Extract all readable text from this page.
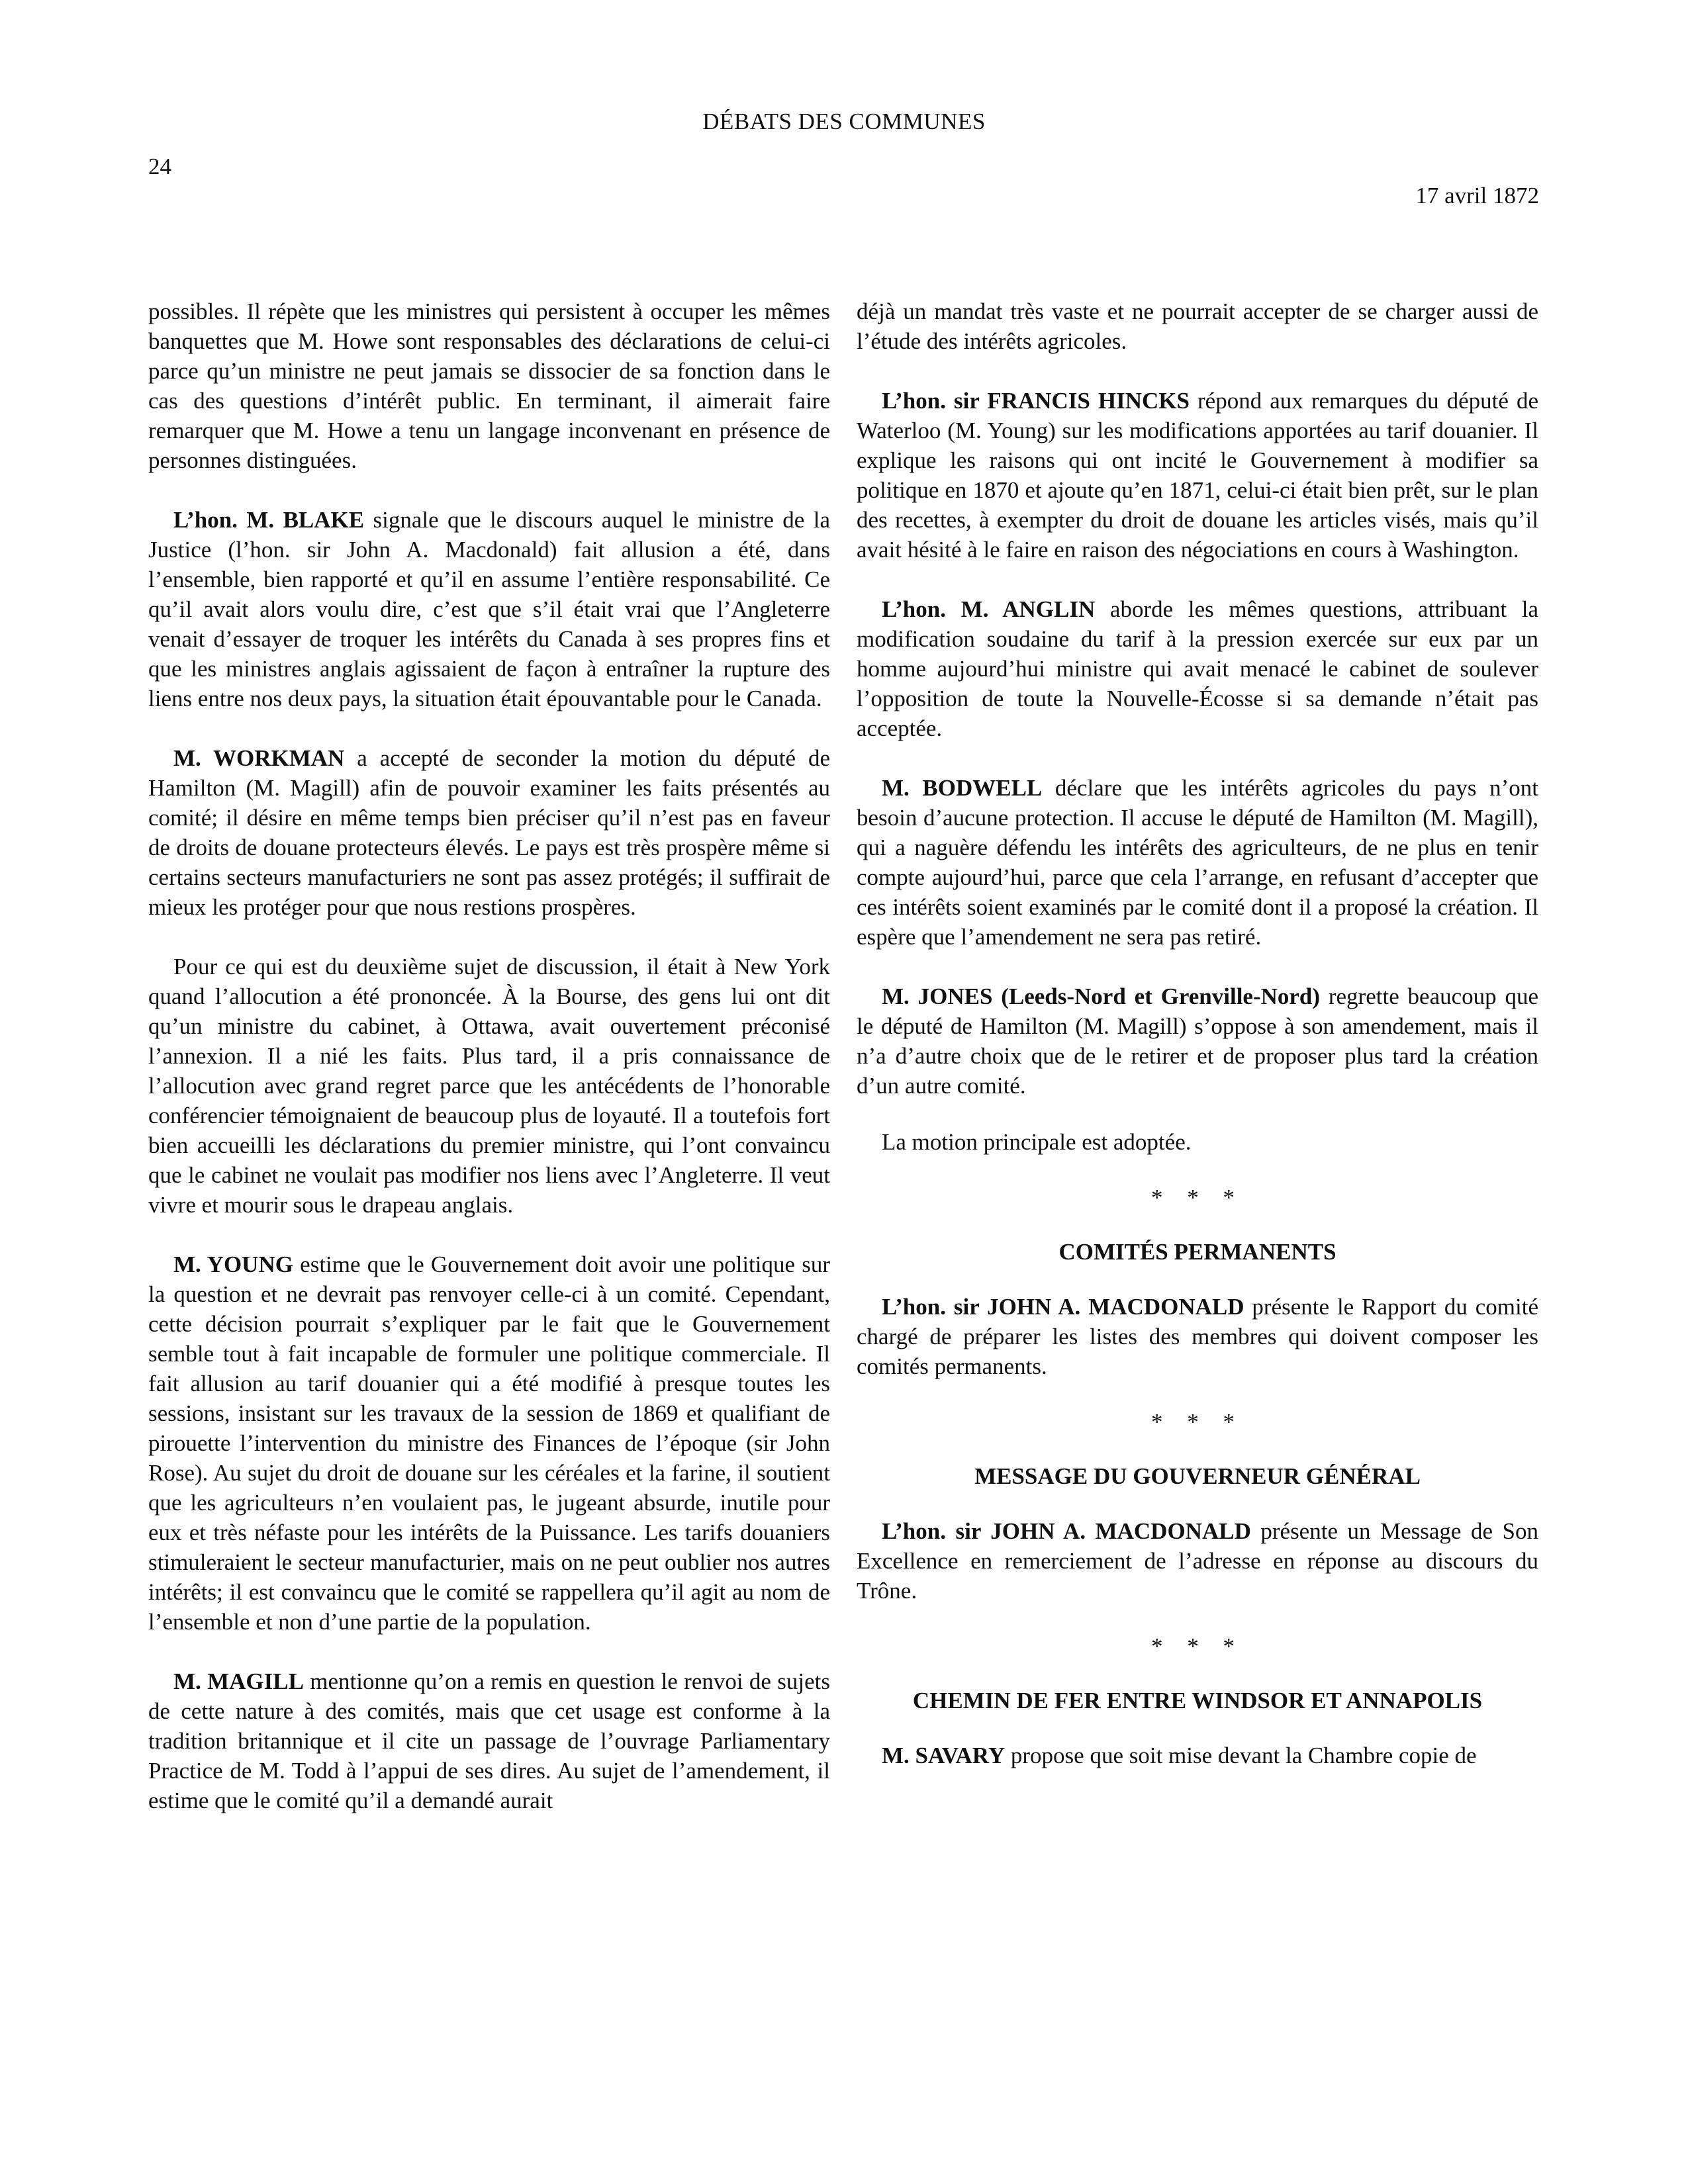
DÉBATS DES COMMUNES
24
17 avril 1872

possibles. Il répète que les ministres qui persistent à occuper les mêmes banquettes que M. Howe sont responsables des déclarations de celui-ci parce qu’un ministre ne peut jamais se dissocier de sa fonction dans le cas des questions d’intérêt public. En terminant, il aimerait faire remarquer que M. Howe a tenu un langage inconvenant en présence de personnes distinguées.

L’hon. M. BLAKE signale que le discours auquel le ministre de la Justice (l’hon. sir John A. Macdonald) fait allusion a été, dans l’ensemble, bien rapporté et qu’il en assume l’entière responsabilité. Ce qu’il avait alors voulu dire, c’est que s’il était vrai que l’Angleterre venait d’essayer de troquer les intérêts du Canada à ses propres fins et que les ministres anglais agissaient de façon à entraîner la rupture des liens entre nos deux pays, la situation était épouvantable pour le Canada.

M. WORKMAN a accepté de seconder la motion du député de Hamilton (M. Magill) afin de pouvoir examiner les faits présentés au comité; il désire en même temps bien préciser qu’il n’est pas en faveur de droits de douane protecteurs élevés. Le pays est très prospère même si certains secteurs manufacturiers ne sont pas assez protégés; il suffirait de mieux les protéger pour que nous restions prospères.

Pour ce qui est du deuxième sujet de discussion, il était à New York quand l’allocution a été prononcée. À la Bourse, des gens lui ont dit qu’un ministre du cabinet, à Ottawa, avait ouvertement préconisé l’annexion. Il a nié les faits. Plus tard, il a pris connaissance de l’allocution avec grand regret parce que les antécédents de l’honorable conférencier témoignaient de beaucoup plus de loyauté. Il a toutefois fort bien accueilli les déclarations du premier ministre, qui l’ont convaincu que le cabinet ne voulait pas modifier nos liens avec l’Angleterre. Il veut vivre et mourir sous le drapeau anglais.

M. YOUNG estime que le Gouvernement doit avoir une politique sur la question et ne devrait pas renvoyer celle-ci à un comité. Cependant, cette décision pourrait s’expliquer par le fait que le Gouvernement semble tout à fait incapable de formuler une politique commerciale. Il fait allusion au tarif douanier qui a été modifié à presque toutes les sessions, insistant sur les travaux de la session de 1869 et qualifiant de pirouette l’intervention du ministre des Finances de l’époque (sir John Rose). Au sujet du droit de douane sur les céréales et la farine, il soutient que les agriculteurs n’en voulaient pas, le jugeant absurde, inutile pour eux et très néfaste pour les intérêts de la Puissance. Les tarifs douaniers stimuleraient le secteur manufacturier, mais on ne peut oublier nos autres intérêts; il est convaincu que le comité se rappellera qu’il agit au nom de l’ensemble et non d’une partie de la population.

M. MAGILL mentionne qu’on a remis en question le renvoi de sujets de cette nature à des comités, mais que cet usage est conforme à la tradition britannique et il cite un passage de l’ouvrage Parliamentary Practice de M. Todd à l’appui de ses dires. Au sujet de l’amendement, il estime que le comité qu’il a demandé aurait

déjà un mandat très vaste et ne pourrait accepter de se charger aussi de l’étude des intérêts agricoles.

L’hon. sir FRANCIS HINCKS répond aux remarques du député de Waterloo (M. Young) sur les modifications apportées au tarif douanier. Il explique les raisons qui ont incité le Gouvernement à modifier sa politique en 1870 et ajoute qu’en 1871, celui-ci était bien prêt, sur le plan des recettes, à exempter du droit de douane les articles visés, mais qu’il avait hésité à le faire en raison des négociations en cours à Washington.

L’hon. M. ANGLIN aborde les mêmes questions, attribuant la modification soudaine du tarif à la pression exercée sur eux par un homme aujourd’hui ministre qui avait menacé le cabinet de soulever l’opposition de toute la Nouvelle-Écosse si sa demande n’était pas acceptée.

M. BODWELL déclare que les intérêts agricoles du pays n’ont besoin d’aucune protection. Il accuse le député de Hamilton (M. Magill), qui a naguère défendu les intérêts des agriculteurs, de ne plus en tenir compte aujourd’hui, parce que cela l’arrange, en refusant d’accepter que ces intérêts soient examinés par le comité dont il a proposé la création. Il espère que l’amendement ne sera pas retiré.

M. JONES (Leeds-Nord et Grenville-Nord) regrette beaucoup que le député de Hamilton (M. Magill) s’oppose à son amendement, mais il n’a d’autre choix que de le retirer et de proposer plus tard la création d’un autre comité.

La motion principale est adoptée.

* * *
COMITÉS PERMANENTS

L’hon. sir JOHN A. MACDONALD présente le Rapport du comité chargé de préparer les listes des membres qui doivent composer les comités permanents.

* * *
MESSAGE DU GOUVERNEUR GÉNÉRAL

L’hon. sir JOHN A. MACDONALD présente un Message de Son Excellence en remerciement de l’adresse en réponse au discours du Trône.

* * *
CHEMIN DE FER ENTRE WINDSOR ET ANNAPOLIS

M. SAVARY propose que soit mise devant la Chambre copie de
